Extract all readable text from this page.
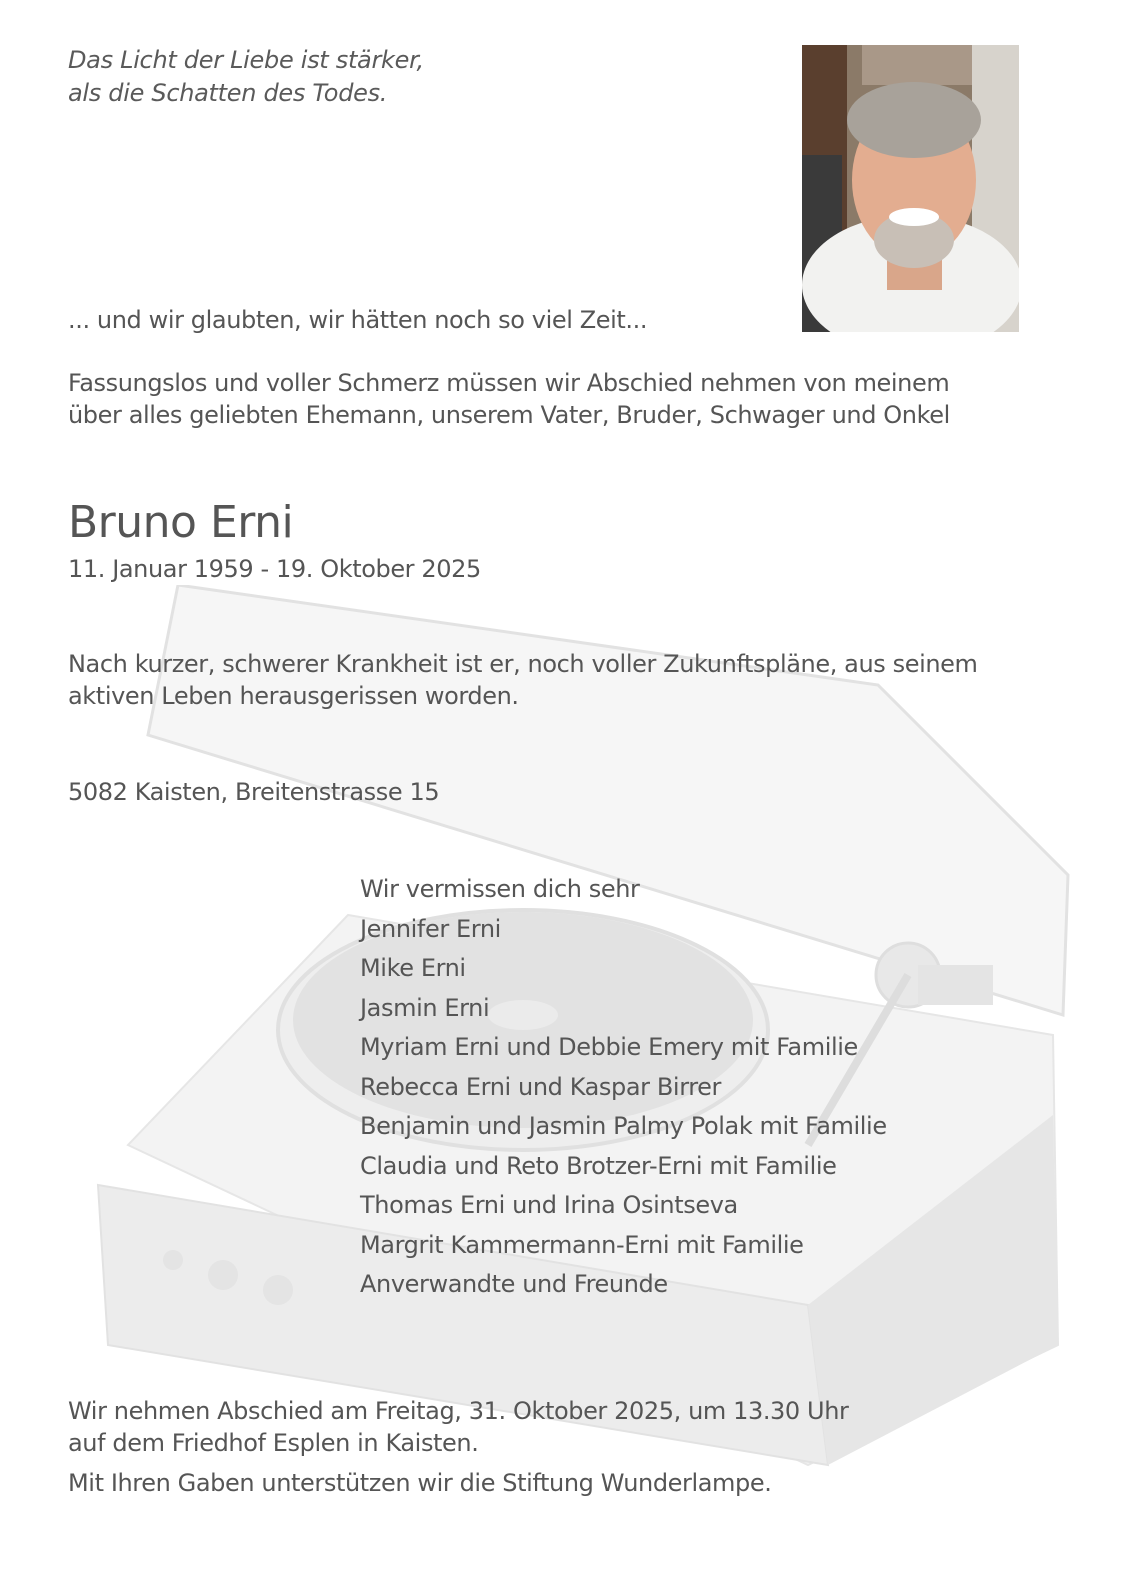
Das Licht der Liebe ist stärker,
als die Schatten des Todes.
... und wir glaubten, wir hätten noch so viel Zeit...
Fassungslos und voller Schmerz müssen wir Abschied nehmen von meinem
über alles geliebten Ehemann, unserem Vater, Bruder, Schwager und Onkel
Bruno Erni
11. Januar 1959 - 19. Oktober 2025
Nach kurzer, schwerer Krankheit ist er, noch voller Zukunftspläne, aus seinem
aktiven Leben herausgerissen worden.
5082 Kaisten, Breitenstrasse 15
Wir vermissen dich sehr
Jennifer Erni
Mike Erni
Jasmin Erni
Myriam Erni und Debbie Emery mit Familie
Rebecca Erni und Kaspar Birrer
Benjamin und Jasmin Palmy Polak mit Familie
Claudia und Reto Brotzer-Erni mit Familie
Thomas Erni und Irina Osintseva
Margrit Kammermann-Erni mit Familie
Anverwandte und Freunde
Wir nehmen Abschied am Freitag, 31. Oktober 2025, um 13.30 Uhr
auf dem Friedhof Esplen in Kaisten.
Mit Ihren Gaben unterstützen wir die Stiftung Wunderlampe.
